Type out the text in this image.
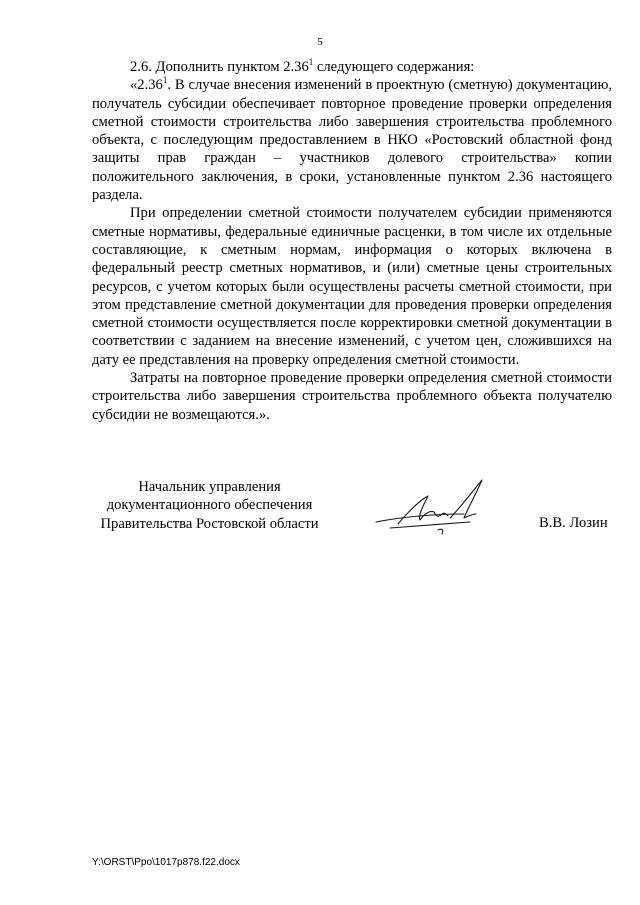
5

2.6. Дополнить пунктом 2.36$^1$ следующего содержания:

«2.36$^1$. В случае внесения изменений в проектную (сметную) документацию, получатель субсидии обеспечивает повторное проведение проверки определения сметной стоимости строительства либо завершения строительства проблемного объекта, с последующим предоставлением в НКО «Ростовский областной фонд защиты прав граждан – участников долевого строительства» копии положительного заключения, в сроки, установленные пунктом 2.36 настоящего раздела.

При определении сметной стоимости получателем субсидии применяются сметные нормативы, федеральные единичные расценки, в том числе их отдельные составляющие, к сметным нормам, информация о которых включена в федеральный реестр сметных нормативов, и (или) сметные цены строительных ресурсов, с учетом которых были осуществлены расчеты сметной стоимости, при этом представление сметной документации для проведения проверки определения сметной стоимости осуществляется после корректировки сметной документации в соответствии с заданием на внесение изменений, с учетом цен, сложившихся на дату ее представления на проверку определения сметной стоимости.

Затраты на повторное проведение проверки определения сметной стоимости строительства либо завершения строительства проблемного объекта получателю субсидии не возмещаются.».

Начальник управления
документационного обеспечения
Правительства Ростовской области	В.В. Лозин
Y:\ORST\Ppo\1017p878.f22.docx
